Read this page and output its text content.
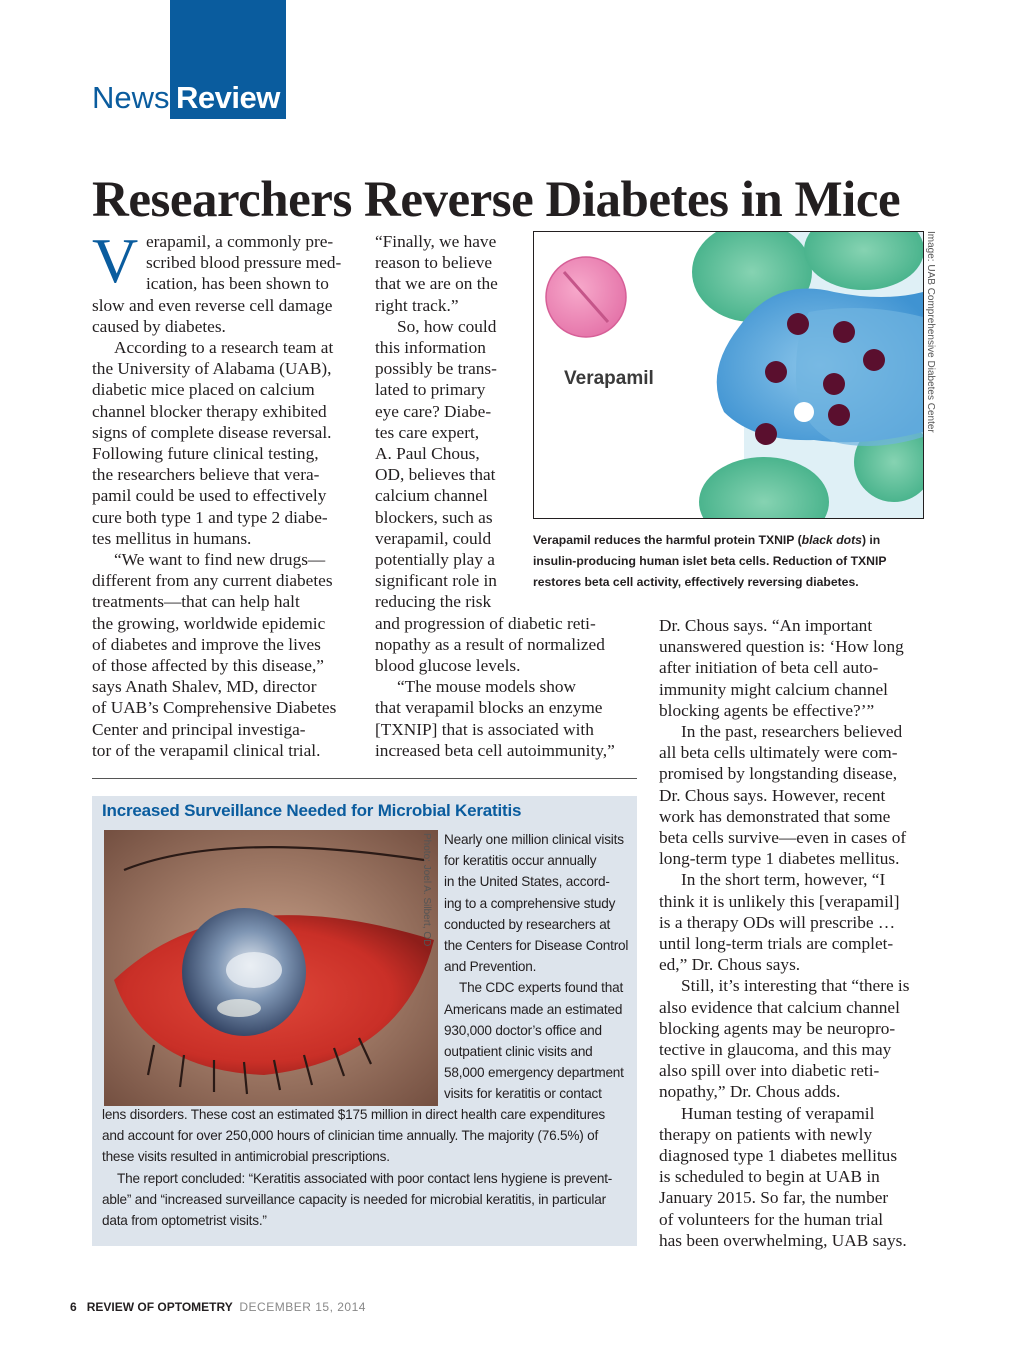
News Review
Researchers Reverse Diabetes in Mice
V erapamil, a commonly pre-
scribed blood pressure med-
ication, has been shown to
slow and even reverse cell damage
caused by diabetes.
According to a research team at
the University of Alabama (UAB),
diabetic mice placed on calcium
channel blocker therapy exhibited
signs of complete disease reversal.
Following future clinical testing,
the researchers believe that vera-
pamil could be used to effectively
cure both type 1 and type 2 diabe-
tes mellitus in humans.
“We want to find new drugs—
different from any current diabetes
treatments—that can help halt
the growing, worldwide epidemic
of diabetes and improve the lives
of those affected by this disease,”
says Anath Shalev, MD, director
of UAB’s Comprehensive Diabetes
Center and principal investiga-
tor of the verapamil clinical trial.
“Finally, we have
reason to believe
that we are on the
right track.”
So, how could
this information
possibly be trans-
lated to primary
eye care? Diabe-
tes care expert,
A. Paul Chous,
OD, believes that
calcium channel
blockers, such as
verapamil, could
potentially play a
significant role in
reducing the risk
and progression of diabetic reti-
nopathy as a result of normalized
blood glucose levels.
“The mouse models show
that verapamil blocks an enzyme
[TXNIP] that is associated with
increased beta cell autoimmunity,”
Verapamil	Image: UAB Comprehensive Diabetes Center
Verapamil reduces the harmful protein TXNIP (black dots) in
insulin-producing human islet beta cells. Reduction of TXNIP
restores beta cell activity, effectively reversing diabetes.
Dr. Chous says. “An important
unanswered question is: ‘How long
after initiation of beta cell auto-
immunity might calcium channel
blocking agents be effective?’”
In the past, researchers believed
all beta cells ultimately were com-
promised by longstanding disease,
Dr. Chous says. However, recent
work has demonstrated that some
beta cells survive—even in cases of
long-term type 1 diabetes mellitus.
In the short term, however, “I
think it is unlikely this [verapamil]
is a therapy ODs will prescribe …
until long-term trials are complet-
ed,” Dr. Chous says.
Still, it’s interesting that “there is
also evidence that calcium channel
blocking agents may be neuropro-
tective in glaucoma, and this may
also spill over into diabetic reti-
nopathy,” Dr. Chous adds.
Human testing of verapamil
therapy on patients with newly
diagnosed type 1 diabetes mellitus
is scheduled to begin at UAB in
January 2015. So far, the number
of volunteers for the human trial
has been overwhelming, UAB says.
Increased Surveillance Needed for Microbial Keratitis
Photo: Joel A. Silbert, OD Nearly one million clinical visits
for keratitis occur annually
in the United States, accord-
ing to a comprehensive study
conducted by researchers at
the Centers for Disease Control
and Prevention.
The CDC experts found that
Americans made an estimated
930,000 doctor’s office and
outpatient clinic visits and
58,000 emergency department
visits for keratitis or contact
lens disorders. These cost an estimated $175 million in direct health care expenditures
and account for over 250,000 hours of clinician time annually. The majority (76.5%) of
these visits resulted in antimicrobial prescriptions.
The report concluded: “Keratitis associated with poor contact lens hygiene is prevent-
able” and “increased surveillance capacity is needed for microbial keratitis, in particular
data from optometrist visits.”
6 REVIEW OF OPTOMETRY DECEMBER 15, 2014
